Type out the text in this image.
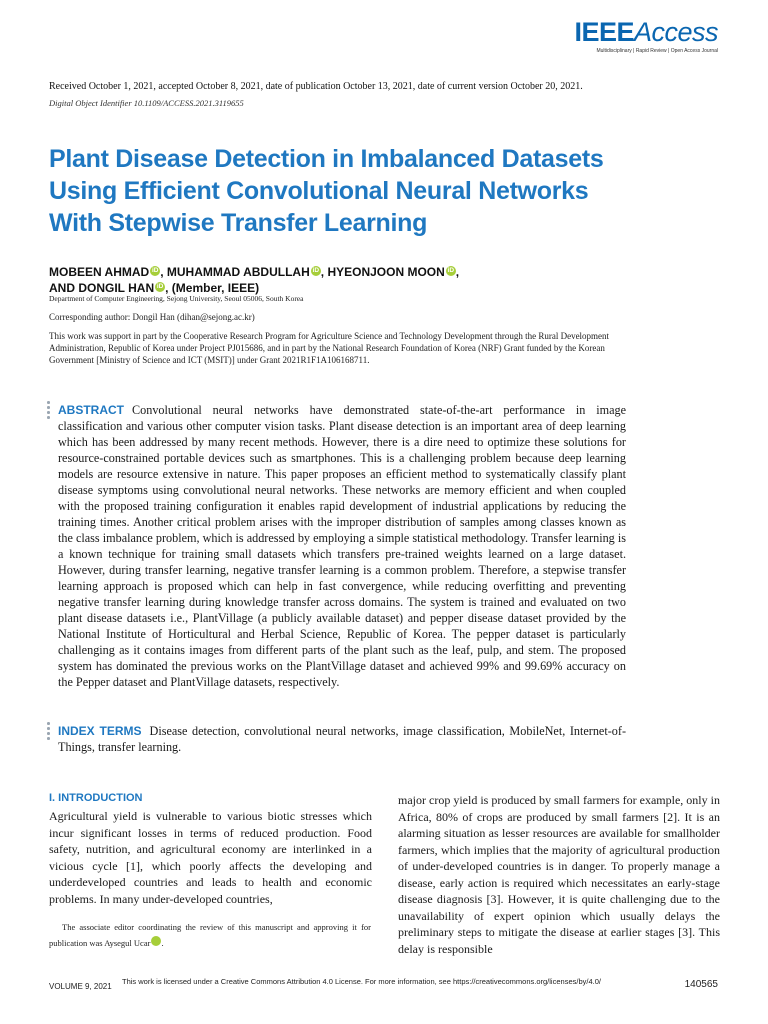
IEEEAccess
Multidisciplinary | Rapid Review | Open Access Journal
Received October 1, 2021, accepted October 8, 2021, date of publication October 13, 2021, date of current version October 20, 2021.
Digital Object Identifier 10.1109/ACCESS.2021.3119655
Plant Disease Detection in Imbalanced Datasets
Using Efficient Convolutional Neural Networks
With Stepwise Transfer Learning
MOBEEN AHMAD iD , MUHAMMAD ABDULLAH iD , HYEONJOON MOON iD ,
AND DONGIL HAN iD , (Member, IEEE)
Department of Computer Engineering, Sejong University, Seoul 05006, South Korea
Corresponding author: Dongil Han (dihan@sejong.ac.kr)
This work was support in part by the Cooperative Research Program for Agriculture Science and Technology Development through the Rural Development Administration, Republic of Korea under Project PJ015686, and in part by the National Research Foundation of Korea (NRF) Grant funded by the Korean Government [Ministry of Science and ICT (MSIT)] under Grant 2021R1F1A106168711.
ABSTRACT Convolutional neural networks have demonstrated state-of-the-art performance in image classification and various other computer vision tasks. Plant disease detection is an important area of deep learning which has been addressed by many recent methods. However, there is a dire need to optimize these solutions for resource-constrained portable devices such as smartphones. This is a challenging problem because deep learning models are resource extensive in nature. This paper proposes an efficient method to systematically classify plant disease symptoms using convolutional neural networks. These networks are memory efficient and when coupled with the proposed training configuration it enables rapid development of industrial applications by reducing the training times. Another critical problem arises with the improper distribution of samples among classes known as the class imbalance problem, which is addressed by employing a simple statistical methodology. Transfer learning is a known technique for training small datasets which transfers pre-trained weights learned on a large dataset. However, during transfer learning, negative transfer learning is a common problem. Therefore, a stepwise transfer learning approach is proposed which can help in fast convergence, while reducing overfitting and preventing negative transfer learning during knowledge transfer across domains. The system is trained and evaluated on two plant disease datasets i.e., PlantVillage (a publicly available dataset) and pepper disease dataset provided by the National Institute of Horticultural and Herbal Science, Republic of Korea. The pepper dataset is particularly challenging as it contains images from different parts of the plant such as the leaf, pulp, and stem. The proposed system has dominated the previous works on the PlantVillage dataset and achieved 99% and 99.69% accuracy on the Pepper dataset and PlantVillage datasets, respectively.
INDEX TERMS Disease detection, convolutional neural networks, image classification, MobileNet, Internet-of-Things, transfer learning.
I. INTRODUCTION
Agricultural yield is vulnerable to various biotic stresses which incur significant losses in terms of reduced production. Food safety, nutrition, and agricultural economy are interlinked in a vicious cycle [1], which poorly affects the developing and underdeveloped countries and leads to health and economic problems. In many under-developed countries,
major crop yield is produced by small farmers for example, only in Africa, 80% of crops are produced by small farmers [2]. It is an alarming situation as lesser resources are available for smallholder farmers, which implies that the majority of agricultural production of under-developed countries is in danger. To properly manage a disease, early action is required which necessitates an early-stage disease diagnosis [3]. However, it is quite challenging due to the unavailability of expert opinion which usually delays the preliminary steps to mitigate the disease at earlier stages [3]. This delay is responsible
The associate editor coordinating the review of this manuscript and approving it for publication was Aysegul Ucar iD.
VOLUME 9, 2021
This work is licensed under a Creative Commons Attribution 4.0 License. For more information, see https://creativecommons.org/licenses/by/4.0/	140565
